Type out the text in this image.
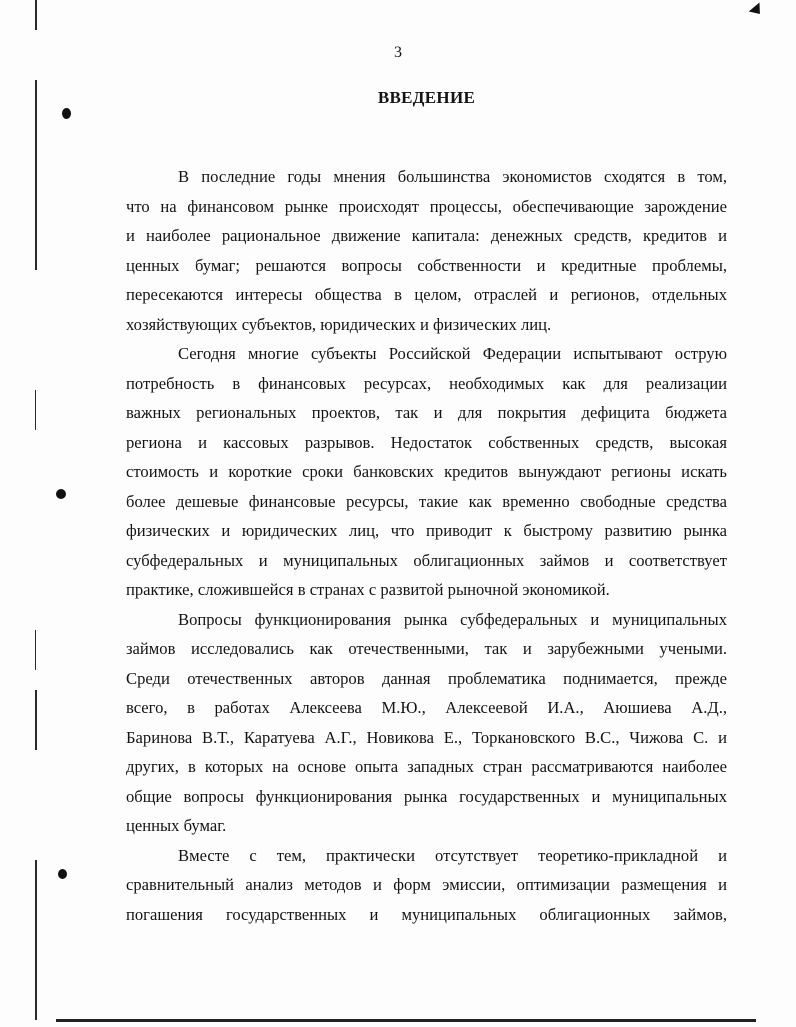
3
ВВЕДЕНИЕ
В последние годы мнения большинства экономистов сходятся в том,
что на финансовом рынке происходят процессы, обеспечивающие зарождение
и наиболее рациональное движение капитала: денежных средств, кредитов и
ценных бумаг; решаются вопросы собственности и кредитные проблемы,
пересекаются интересы общества в целом, отраслей и регионов, отдельных
хозяйствующих субъектов, юридических и физических лиц.
Сегодня многие субъекты Российской Федерации испытывают острую
потребность в финансовых ресурсах, необходимых как для реализации
важных региональных проектов, так и для покрытия дефицита бюджета
региона и кассовых разрывов. Недостаток собственных средств, высокая
стоимость и короткие сроки банковских кредитов вынуждают регионы искать
более дешевые финансовые ресурсы, такие как временно свободные средства
физических и юридических лиц, что приводит к быстрому развитию рынка
субфедеральных и муниципальных облигационных займов и соответствует
практике, сложившейся в странах с развитой рыночной экономикой.
Вопросы функционирования рынка субфедеральных и муниципальных
займов исследовались как отечественными, так и зарубежными учеными.
Среди отечественных авторов данная проблематика поднимается, прежде
всего, в работах Алексеева М.Ю., Алексеевой И.А., Аюшиева А.Д.,
Баринова В.Т., Каратуева А.Г., Новикова Е., Торкановского В.С., Чижова С. и
других, в которых на основе опыта западных стран рассматриваются наиболее
общие вопросы функционирования рынка государственных и муниципальных
ценных бумаг.
Вместе с тем, практически отсутствует теоретико-прикладной и
сравнительный анализ методов и форм эмиссии, оптимизации размещения и
погашения государственных и муниципальных облигационных займов,
